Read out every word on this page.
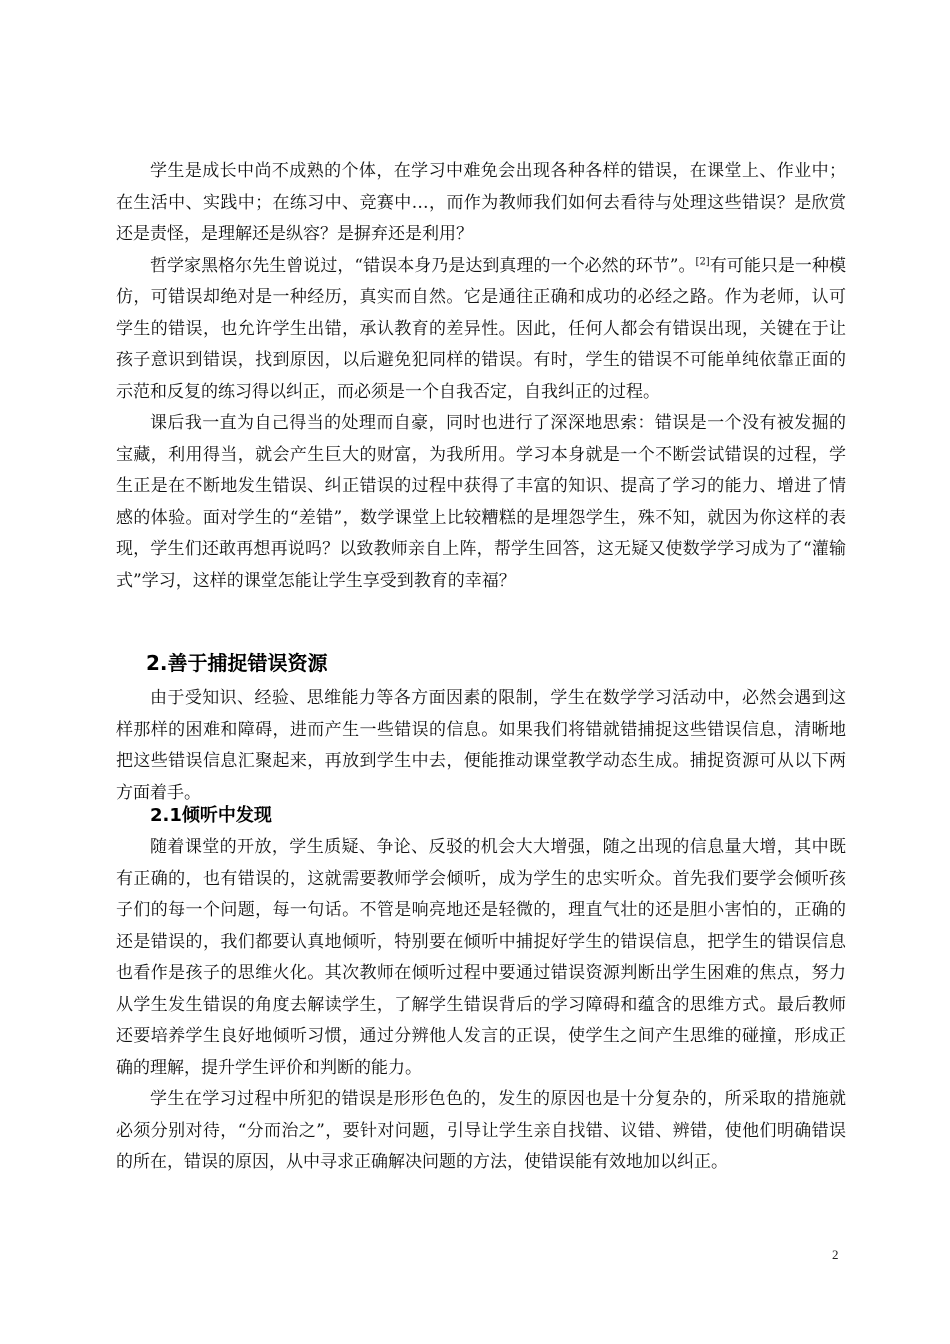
学生是成长中尚不成熟的个体，在学习中难免会出现各种各样的错误，在课堂上、作业中；在生活中、实践中；在练习中、竞赛中…，而作为教师我们如何去看待与处理这些错误？是欣赏还是责怪，是理解还是纵容？是摒弃还是利用？

哲学家黑格尔先生曾说过，“错误本身乃是达到真理的一个必然的环节”。[2]有可能只是一种模仿，可错误却绝对是一种经历，真实而自然。它是通往正确和成功的必经之路。作为老师，认可学生的错误，也允许学生出错，承认教育的差异性。因此，任何人都会有错误出现，关键在于让孩子意识到错误，找到原因，以后避免犯同样的错误。有时，学生的错误不可能单纯依靠正面的示范和反复的练习得以纠正，而必须是一个自我否定，自我纠正的过程。

课后我一直为自己得当的处理而自豪，同时也进行了深深地思索：错误是一个没有被发掘的宝藏，利用得当，就会产生巨大的财富，为我所用。学习本身就是一个不断尝试错误的过程，学生正是在不断地发生错误、纠正错误的过程中获得了丰富的知识、提高了学习的能力、增进了情感的体验。面对学生的“差错”，数学课堂上比较糟糕的是埋怨学生，殊不知，就因为你这样的表现，学生们还敢再想再说吗？以致教师亲自上阵，帮学生回答，这无疑又使数学学习成为了“灌输式”学习，这样的课堂怎能让学生享受到教育的幸福？

2.善于捕捉错误资源

由于受知识、经验、思维能力等各方面因素的限制，学生在数学学习活动中，必然会遇到这样那样的困难和障碍，进而产生一些错误的信息。如果我们将错就错捕捉这些错误信息，清晰地把这些错误信息汇聚起来，再放到学生中去，便能推动课堂教学动态生成。捕捉资源可从以下两方面着手。

2.1倾听中发现

随着课堂的开放，学生质疑、争论、反驳的机会大大增强，随之出现的信息量大增，其中既有正确的，也有错误的，这就需要教师学会倾听，成为学生的忠实听众。首先我们要学会倾听孩子们的每一个问题，每一句话。不管是响亮地还是轻微的，理直气壮的还是胆小害怕的，正确的还是错误的，我们都要认真地倾听，特别要在倾听中捕捉好学生的错误信息，把学生的错误信息也看作是孩子的思维火化。其次教师在倾听过程中要通过错误资源判断出学生困难的焦点，努力从学生发生错误的角度去解读学生，了解学生错误背后的学习障碍和蕴含的思维方式。最后教师还要培养学生良好地倾听习惯，通过分辨他人发言的正误，使学生之间产生思维的碰撞，形成正确的理解，提升学生评价和判断的能力。

学生在学习过程中所犯的错误是形形色色的，发生的原因也是十分复杂的，所采取的措施就必须分别对待，“分而治之”，要针对问题，引导让学生亲自找错、议错、辨错，使他们明确错误的所在，错误的原因，从中寻求正确解决问题的方法，使错误能有效地加以纠正。

2
